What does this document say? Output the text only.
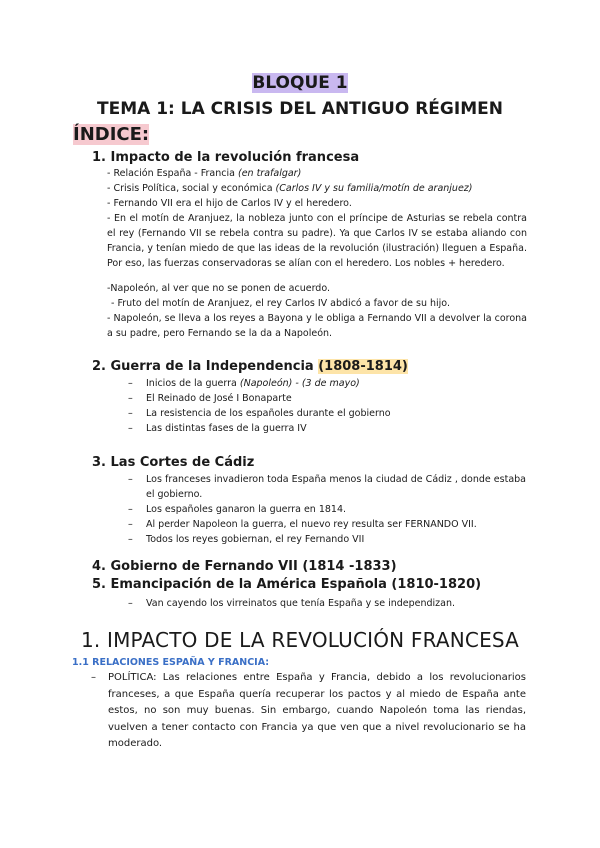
BLOQUE 1
TEMA 1: LA CRISIS DEL ANTIGUO RÉGIMEN
ÍNDICE:
1. Impacto de la revolución francesa
- Relación España - Francia (en trafalgar)
- Crisis Política, social y económica (Carlos IV y su familia/motín de aranjuez)
- Fernando VII era el hijo de Carlos IV y el heredero.
- En el motín de Aranjuez, la nobleza junto con el príncipe de Asturias se rebela contra el rey (Fernando VII se rebela contra su padre). Ya que Carlos IV se estaba aliando con Francia, y tenían miedo de que las ideas de la revolución (ilustración) lleguen a España. Por eso, las fuerzas conservadoras se alían con el heredero. Los nobles + heredero.
-Napoleón, al ver que no se ponen de acuerdo.
- Fruto del motín de Aranjuez, el rey Carlos IV abdicó a favor de su hijo.
- Napoleón, se lleva a los reyes a Bayona y le obliga a Fernando VII a devolver la corona a su padre, pero Fernando se la da a Napoleón.
2. Guerra de la Independencia (1808-1814)
– Inicios de la guerra (Napoleón) - (3 de mayo)
– El Reinado de José I Bonaparte
– La resistencia de los españoles durante el gobierno
– Las distintas fases de la guerra IV
3. Las Cortes de Cádiz
– Los franceses invadieron toda España menos la ciudad de Cádiz , donde estaba el gobierno.
– Los españoles ganaron la guerra en 1814.
– Al perder Napoleon la guerra, el nuevo rey resulta ser FERNANDO VII.
– Todos los reyes gobiernan, el rey Fernando VII
4. Gobierno de Fernando VII (1814 -1833)
5. Emancipación de la América Española (1810-1820)
– Van cayendo los virreinatos que tenía España y se independizan.
1. IMPACTO DE LA REVOLUCIÓN FRANCESA
1.1 RELACIONES ESPAÑA Y FRANCIA:
– POLÍTICA: Las relaciones entre España y Francia, debido a los revolucionarios franceses, a que España quería recuperar los pactos y al miedo de España ante estos, no son muy buenas. Sin embargo, cuando Napoleón toma las riendas, vuelven a tener contacto con Francia ya que ven que a nivel revolucionario se ha moderado.
